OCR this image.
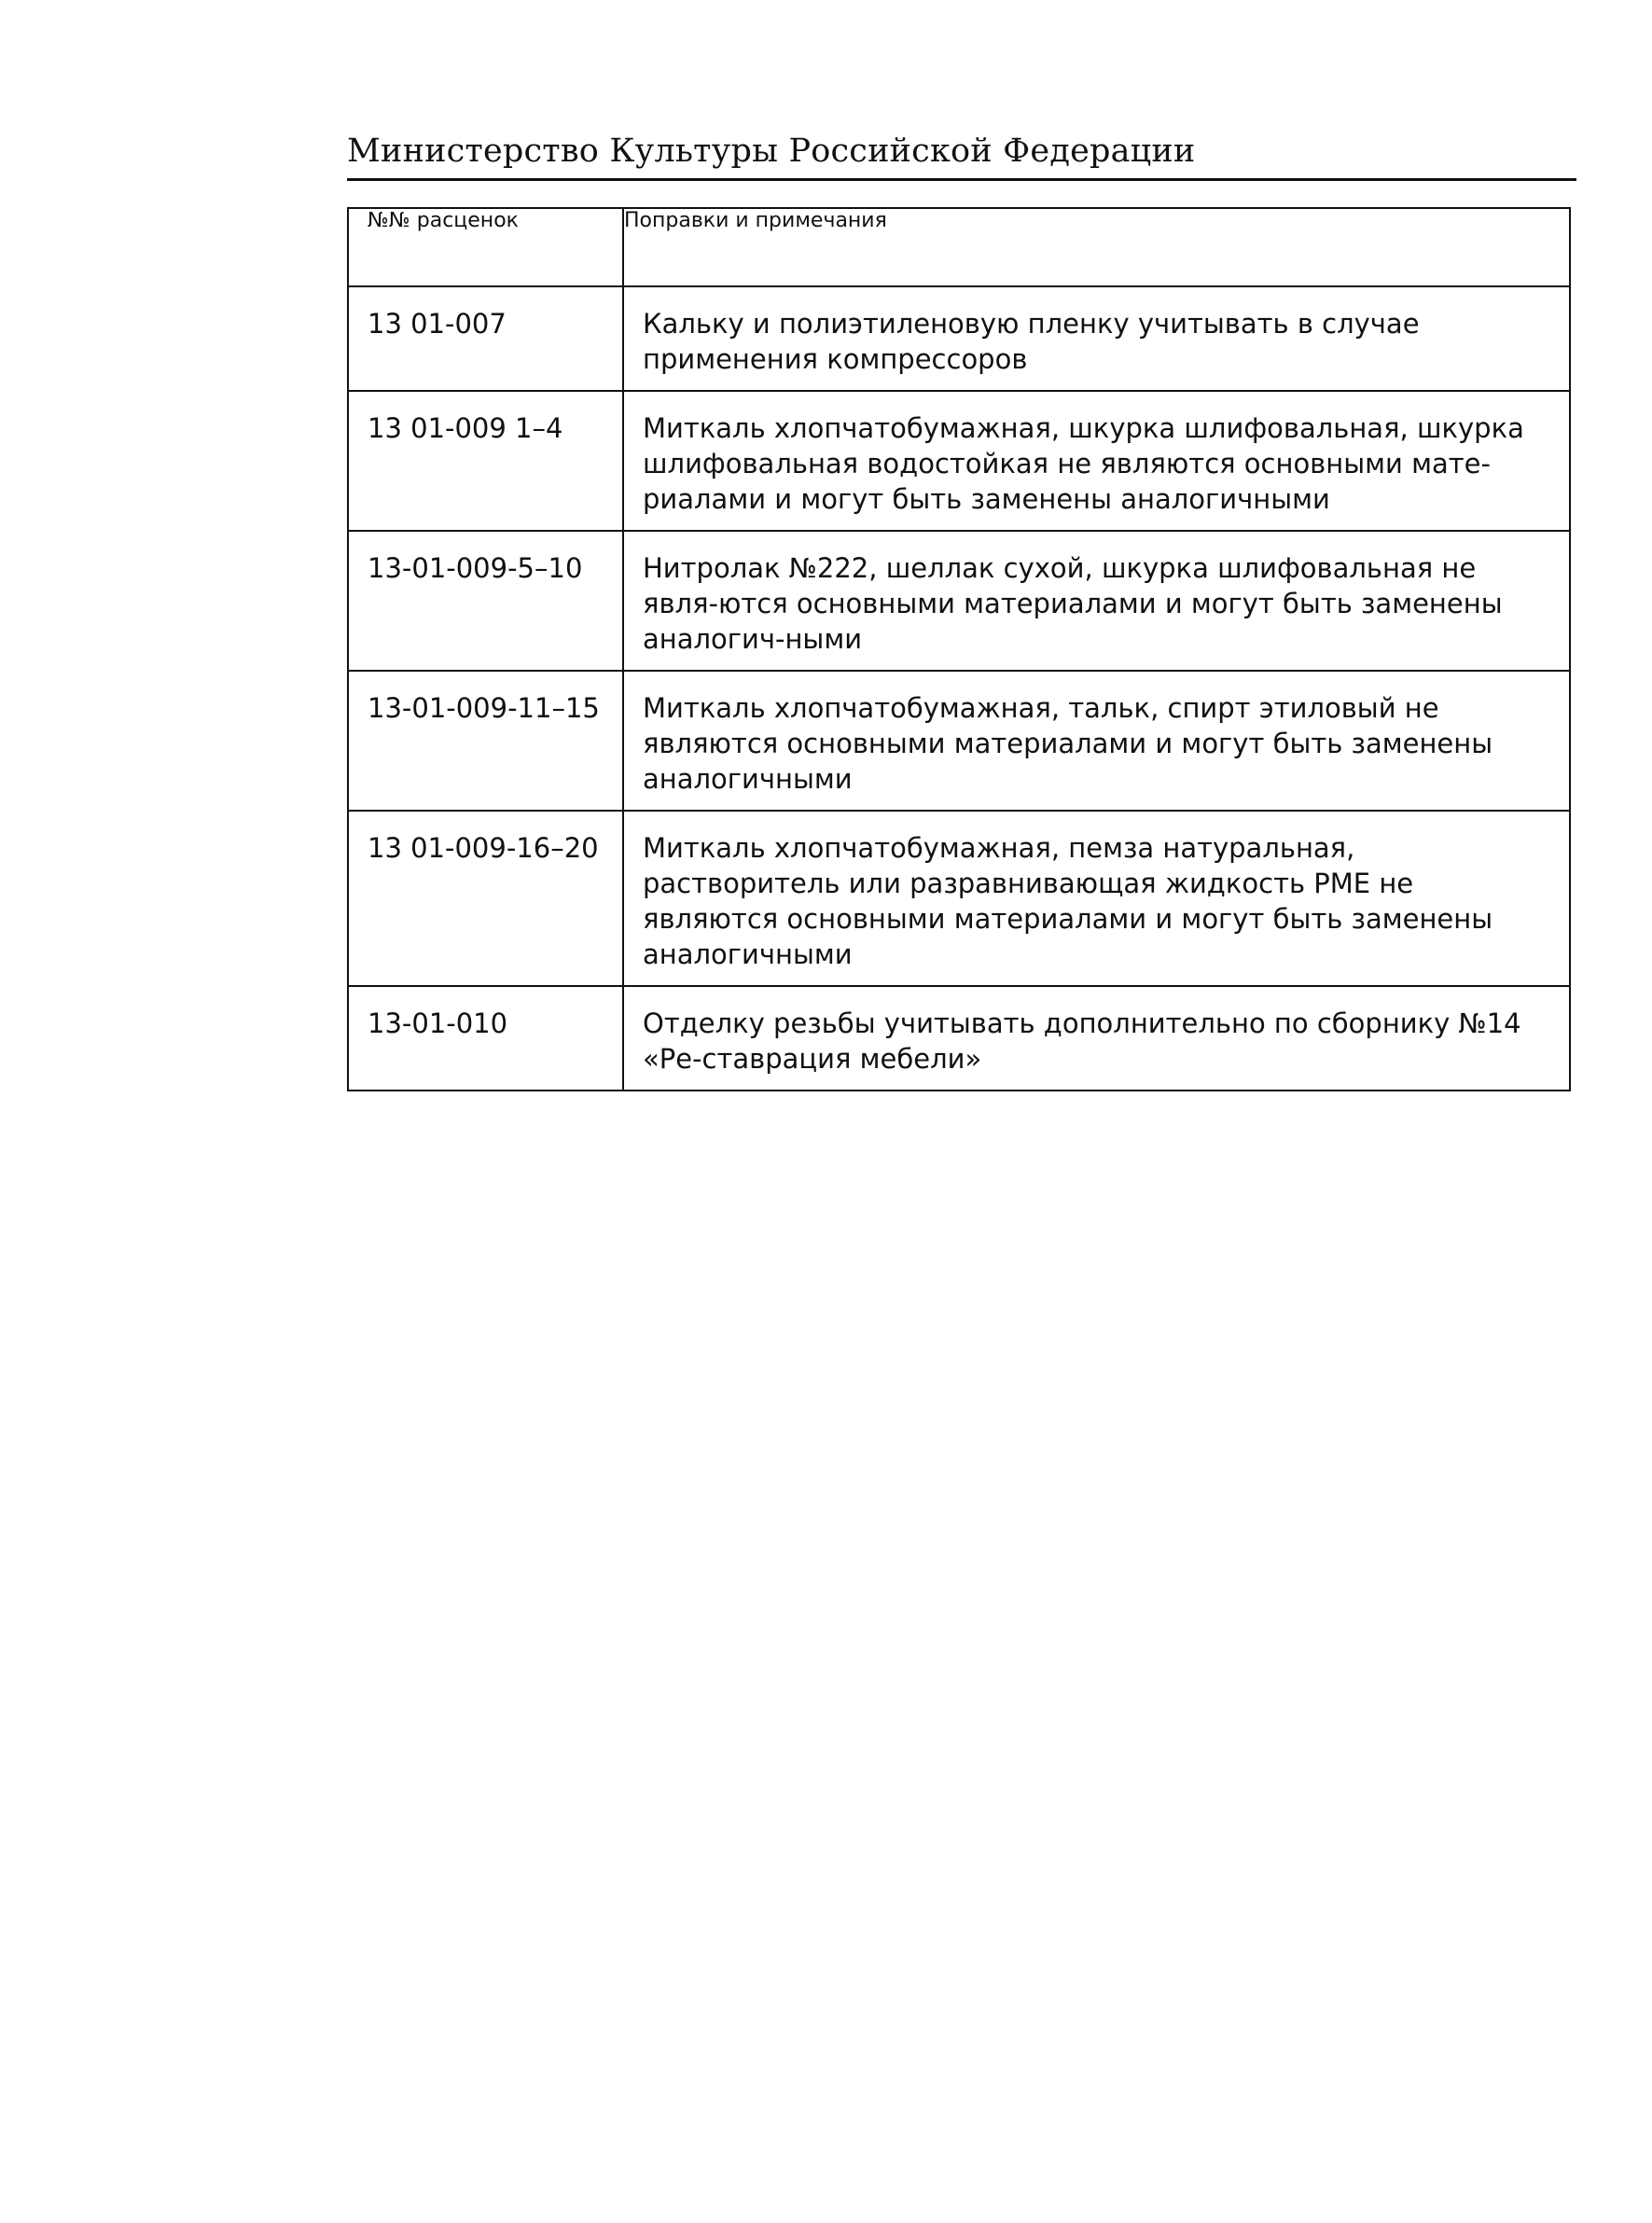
Министерство Культуры Российской Федерации
№№ расценок	Поправки и примечания
13 01-007	Кальку и полиэтиленовую пленку учитывать в случае применения компрессоров
13 01-009 1–4	Миткаль хлопчатобумажная, шкурка шлифовальная, шкурка шлифовальная водостойкая не являются основными мате-риалами и могут быть заменены аналогичными
13-01-009-5–10	Нитролак №222, шеллак сухой, шкурка шлифовальная не явля-ются основными материалами и могут быть заменены аналогич-ными
13-01-009-11–15	Миткаль хлопчатобумажная, тальк, спирт этиловый не являются основными материалами и могут быть заменены аналогичными
13 01-009-16–20	Миткаль хлопчатобумажная, пемза натуральная, растворитель или разравнивающая жидкость РМЕ не являются основными материалами и могут быть заменены аналогичными
13-01-010	Отделку резьбы учитывать дополнительно по сборнику №14 «Ре-ставрация мебели»
